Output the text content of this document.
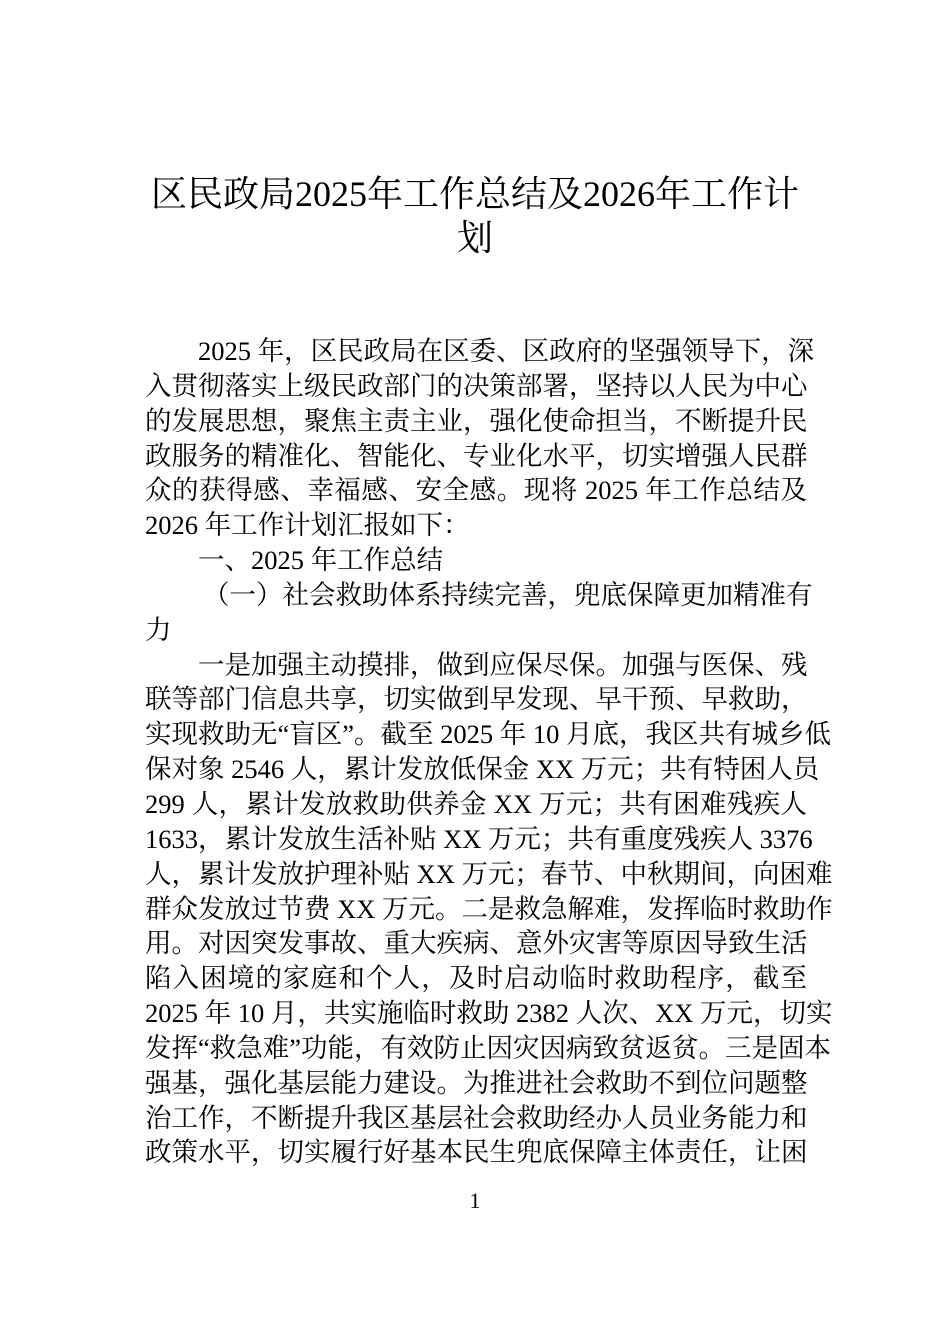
区民政局2025年工作总结及2026年工作计
划
2025 年，区民政局在区委、区政府的坚强领导下，深
入贯彻落实上级民政部门的决策部署，坚持以人民为中心
的发展思想，聚焦主责主业，强化使命担当，不断提升民
政服务的精准化、智能化、专业化水平，切实增强人民群
众的获得感、幸福感、安全感。现将 2025 年工作总结及
2026 年工作计划汇报如下：
一、2025 年工作总结
（一）社会救助体系持续完善，兜底保障更加精准有
力
一是加强主动摸排，做到应保尽保。加强与医保、残
联等部门信息共享，切实做到早发现、早干预、早救助，
实现救助无“盲区”。截至 2025 年 10 月底，我区共有城乡低
保对象 2546 人，累计发放低保金 XX 万元；共有特困人员
299 人，累计发放救助供养金 XX 万元；共有困难残疾人
1633，累计发放生活补贴 XX 万元；共有重度残疾人 3376
人，累计发放护理补贴 XX 万元；春节、中秋期间，向困难
群众发放过节费 XX 万元。二是救急解难，发挥临时救助作
用。对因突发事故、重大疾病、意外灾害等原因导致生活
陷入困境的家庭和个人，及时启动临时救助程序，截至
2025 年 10 月，共实施临时救助 2382 人次、XX 万元，切实
发挥“救急难”功能，有效防止因灾因病致贫返贫。三是固本
强基，强化基层能力建设。为推进社会救助不到位问题整
治工作，不断提升我区基层社会救助经办人员业务能力和
政策水平，切实履行好基本民生兜底保障主体责任，让困
1
